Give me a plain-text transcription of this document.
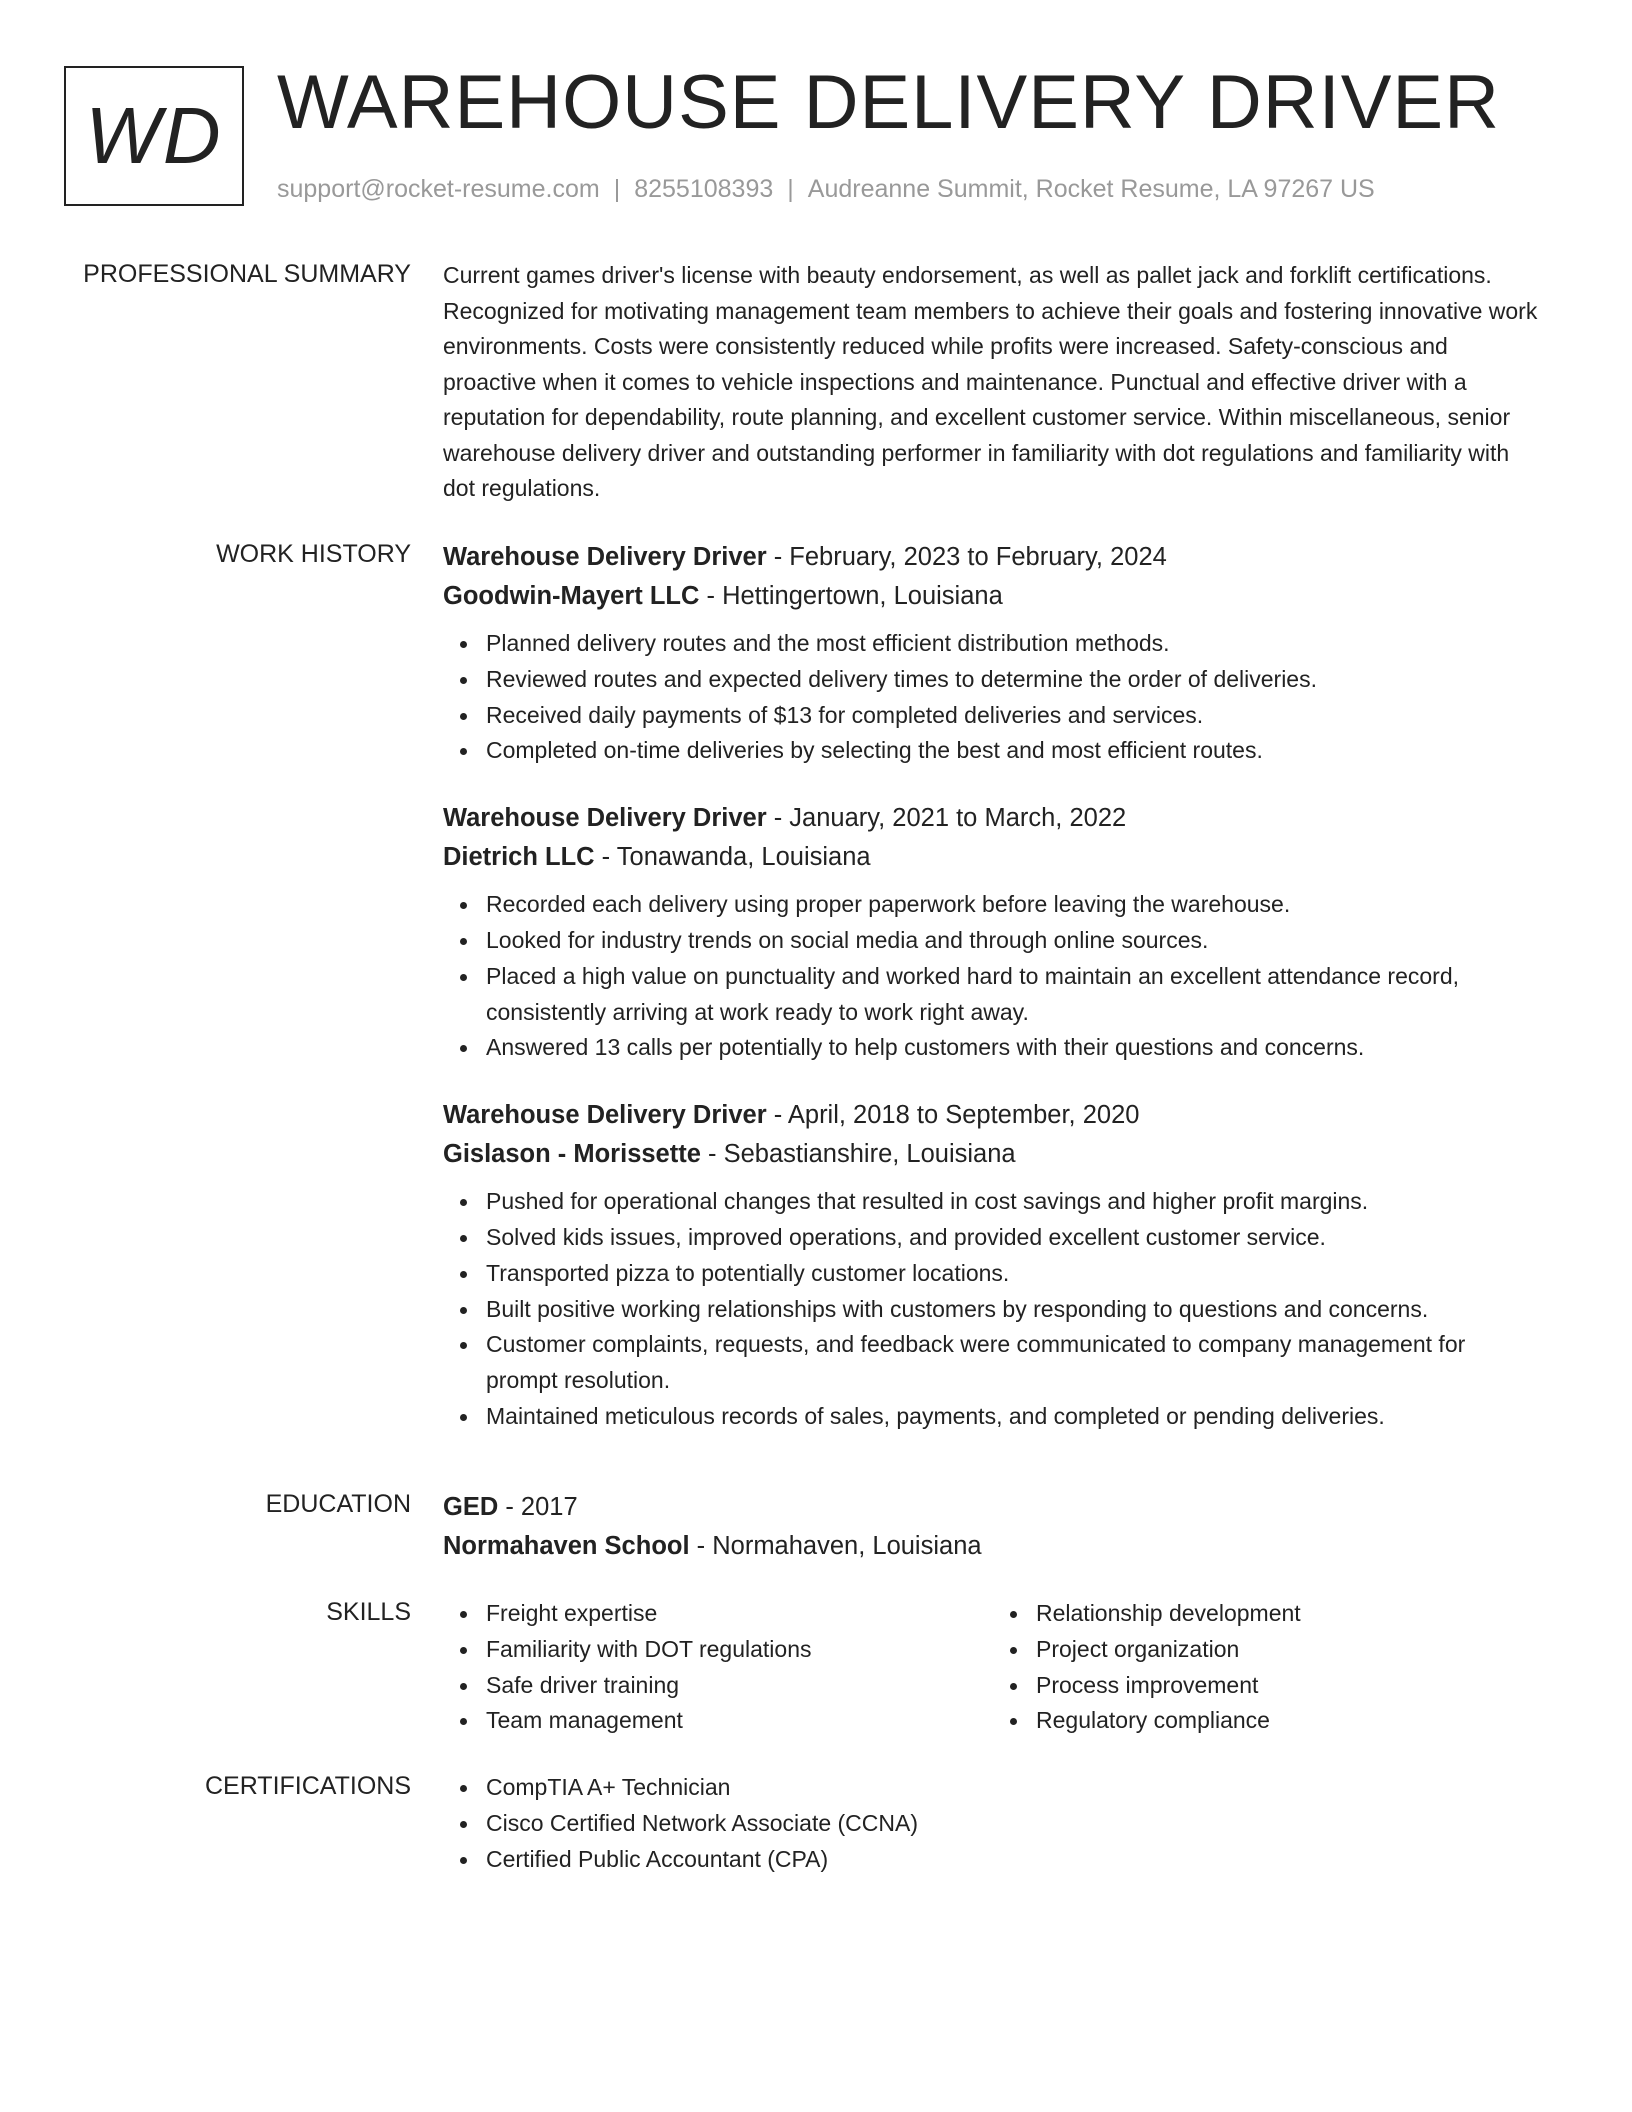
WD WAREHOUSE DELIVERY DRIVER
support@rocket-resume.com | 8255108393 | Audreanne Summit, Rocket Resume, LA 97267 US
PROFESSIONAL SUMMARY Current games driver's license with beauty endorsement, as well as pallet jack and forklift certifications. Recognized for motivating management team members to achieve their goals and fostering innovative work environments. Costs were consistently reduced while profits were increased. Safety-conscious and proactive when it comes to vehicle inspections and maintenance. Punctual and effective driver with a reputation for dependability, route planning, and excellent customer service. Within miscellaneous, senior warehouse delivery driver and outstanding performer in familiarity with dot regulations and familiarity with dot regulations.

WORK HISTORY Warehouse Delivery Driver - February, 2023 to February, 2024
Goodwin-Mayert LLC - Hettingertown, Louisiana
Planned delivery routes and the most efficient distribution methods.
Reviewed routes and expected delivery times to determine the order of deliveries.
Received daily payments of $13 for completed deliveries and services.
Completed on-time deliveries by selecting the best and most efficient routes.
Warehouse Delivery Driver - January, 2021 to March, 2022
Dietrich LLC - Tonawanda, Louisiana
Recorded each delivery using proper paperwork before leaving the warehouse.
Looked for industry trends on social media and through online sources.
Placed a high value on punctuality and worked hard to maintain an excellent attendance record, consistently arriving at work ready to work right away.
Answered 13 calls per potentially to help customers with their questions and concerns.
Warehouse Delivery Driver - April, 2018 to September, 2020
Gislason - Morissette - Sebastianshire, Louisiana
Pushed for operational changes that resulted in cost savings and higher profit margins.
Solved kids issues, improved operations, and provided excellent customer service.
Transported pizza to potentially customer locations.
Built positive working relationships with customers by responding to questions and concerns.
Customer complaints, requests, and feedback were communicated to company management for prompt resolution.
Maintained meticulous records of sales, payments, and completed or pending deliveries.
EDUCATION GED - 2017
Normahaven School - Normahaven, Louisiana
SKILLS	Freight expertise
Familiarity with DOT regulations
Safe driver training
Team management
Relationship development
Project organization
Process improvement
Regulatory compliance
CERTIFICATIONS	CompTIA A+ Technician
Cisco Certified Network Associate (CCNA)
Certified Public Accountant (CPA)
